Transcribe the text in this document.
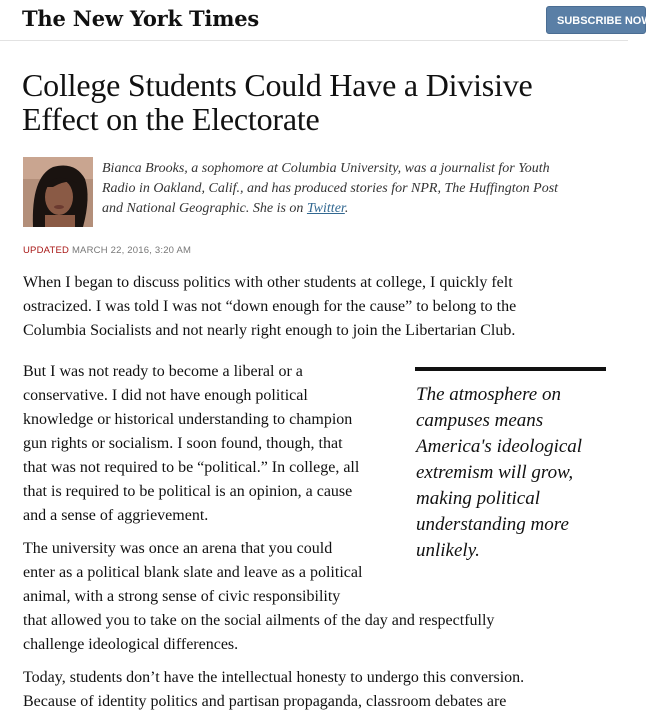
The New York Times	SUBSCRIBE NOW
College Students Could Have a Divisive
Effect on the Electorate

Bianca Brooks, a sophomore at Columbia University, was a journalist for Youth
Radio in Oakland, Calif., and has produced stories for NPR, The Huffington Post
and National Geographic. She is on Twitter.

UPDATED MARCH 22, 2016, 3:20 AM

When I began to discuss politics with other students at college, I quickly felt
ostracized. I was told I was not “down enough for the cause” to belong to the
Columbia Socialists and not nearly right enough to join the Libertarian Club.

But I was not ready to become a liberal or a
conservative. I did not have enough political
knowledge or historical understanding to champion
gun rights or socialism. I soon found, though, that
that was not required to be “political.” In college, all
that is required to be political is an opinion, a cause
and a sense of aggrievement.

The university was once an arena that you could
enter as a political blank slate and leave as a political
animal, with a strong sense of civic responsibility
that allowed you to take on the social ailments of the day and respectfully
challenge ideological differences.

Today, students don’t have the intellectual honesty to undergo this conversion.
Because of identity politics and partisan propaganda, classroom debates are

The atmosphere on
campuses means
America's ideological
extremism will grow,
making political
understanding more
unlikely.
